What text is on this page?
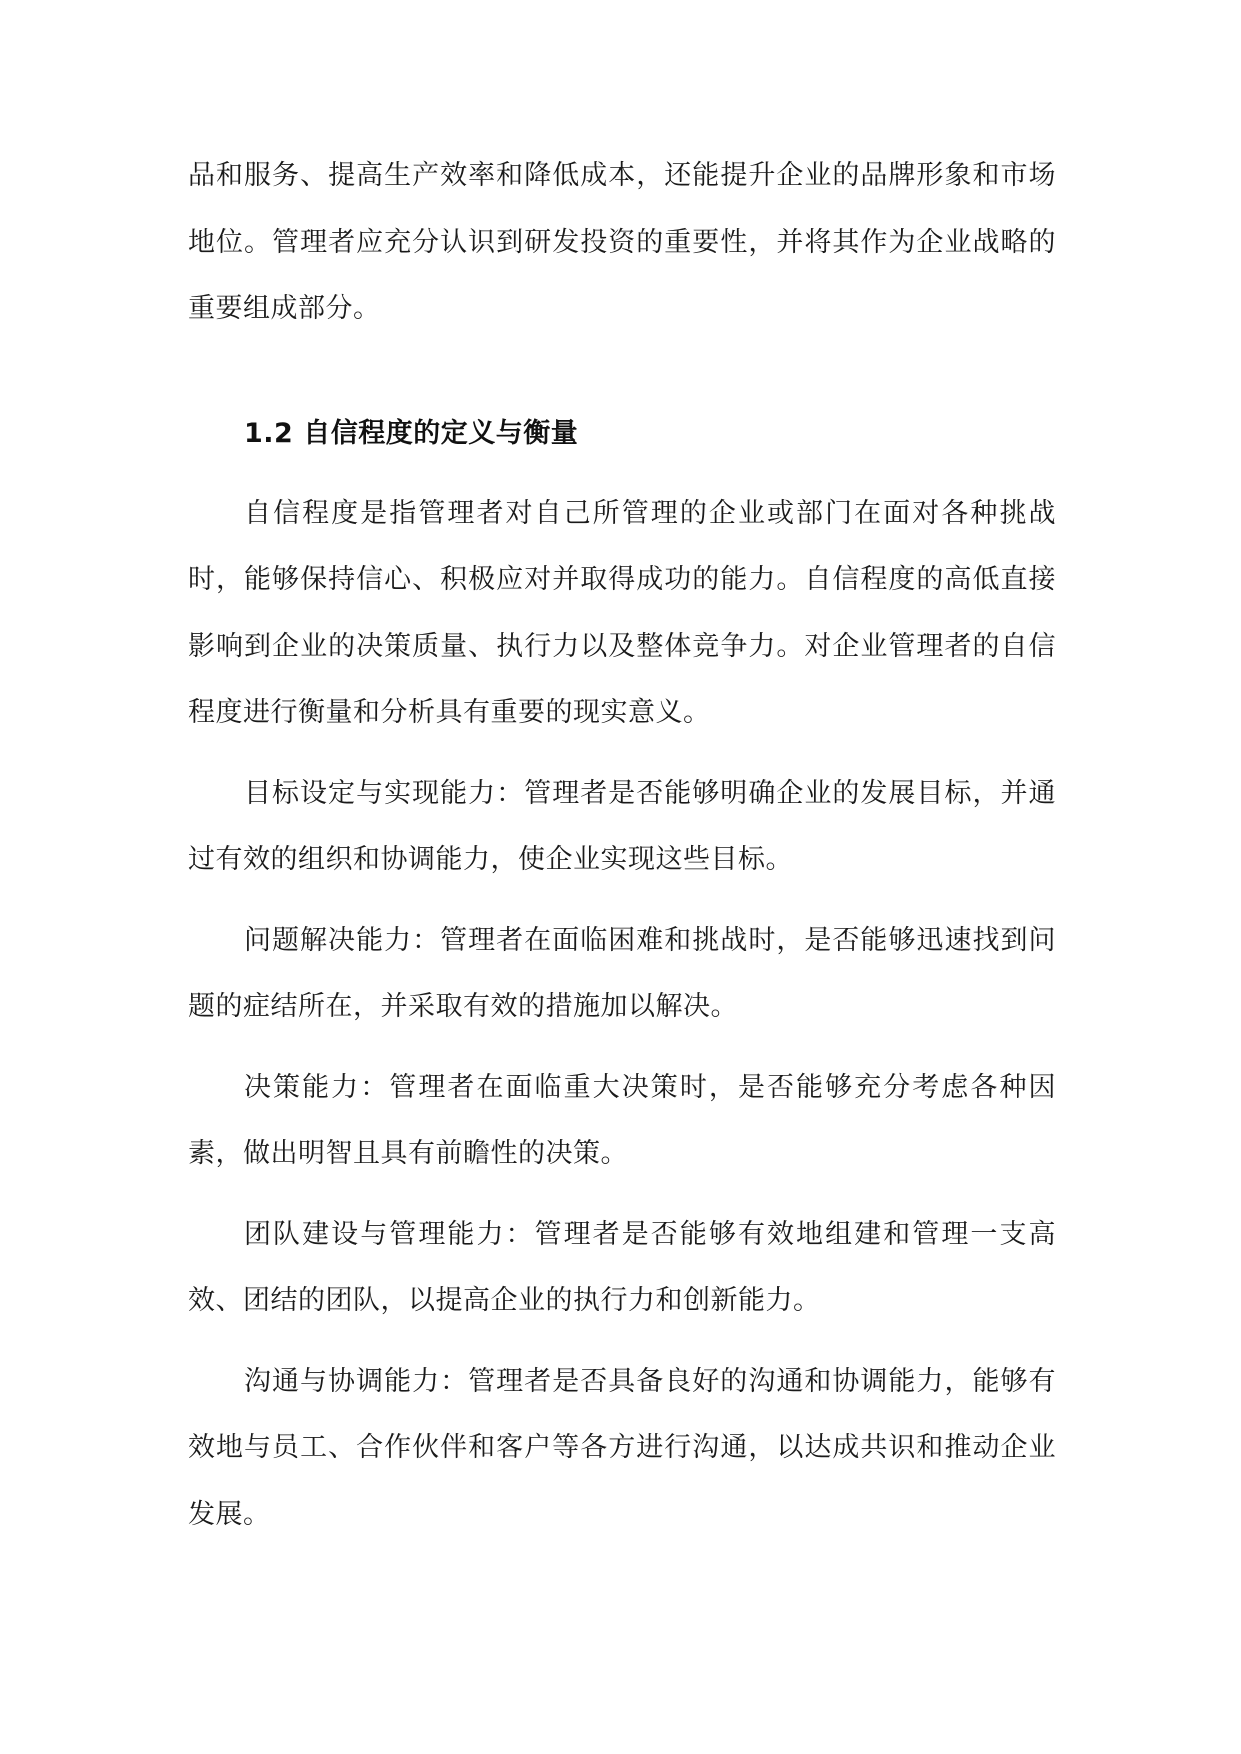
品和服务、提高生产效率和降低成本，还能提升企业的品牌形象和市场地位。管理者应充分认识到研发投资的重要性，并将其作为企业战略的重要组成部分。

1.2 自信程度的定义与衡量

自信程度是指管理者对自己所管理的企业或部门在面对各种挑战时，能够保持信心、积极应对并取得成功的能力。自信程度的高低直接影响到企业的决策质量、执行力以及整体竞争力。对企业管理者的自信程度进行衡量和分析具有重要的现实意义。

目标设定与实现能力：管理者是否能够明确企业的发展目标，并通过有效的组织和协调能力，使企业实现这些目标。

问题解决能力：管理者在面临困难和挑战时，是否能够迅速找到问题的症结所在，并采取有效的措施加以解决。

决策能力：管理者在面临重大决策时，是否能够充分考虑各种因素，做出明智且具有前瞻性的决策。

团队建设与管理能力：管理者是否能够有效地组建和管理一支高效、团结的团队，以提高企业的执行力和创新能力。

沟通与协调能力：管理者是否具备良好的沟通和协调能力，能够有效地与员工、合作伙伴和客户等各方进行沟通，以达成共识和推动企业发展。
